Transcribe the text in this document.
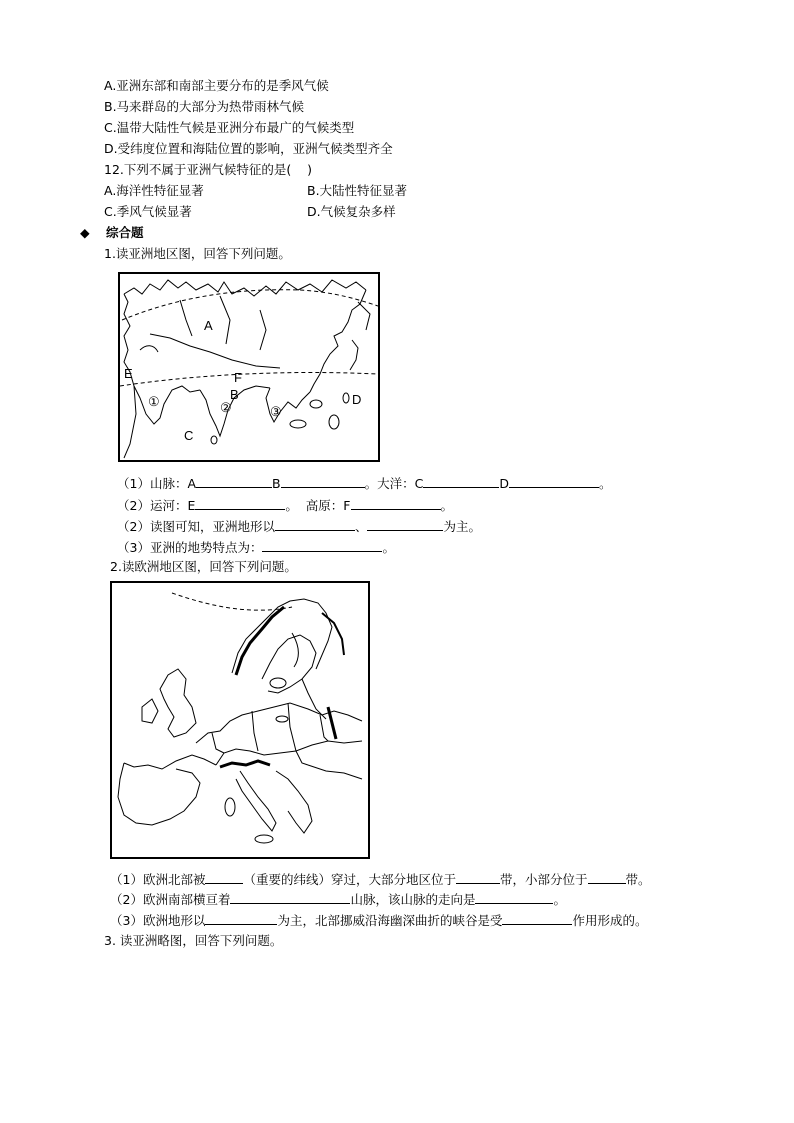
A.亚洲东部和南部主要分布的是季风气候
B.马来群岛的大部分为热带雨林气候
C.温带大陆性气候是亚洲分布最广的气候类型
D.受纬度位置和海陆位置的影响，亚洲气候类型齐全
12.下列不属于亚洲气候特征的是(    )
A.海洋性特征显著	B.大陆性特征显著
C.季风气候显著	D.气候复杂多样
◆ 综合题
1.读亚洲地区图，回答下列问题。
A
B
C
D
E	F
①	②	③
（1）山脉：A	B	。大洋：C	D	。
（2）运河：E	。  高原：F	。
（2）读图可知，亚洲地形以	、	为主。
（3）亚洲的地势特点为：	。
2.读欧洲地区图，回答下列问题。
（1）欧洲北部被	（重要的纬线）穿过，大部分地区位于	带，小部分位于	带。
（2）欧洲南部横亘着	山脉，该山脉的走向是	。
（3）欧洲地形以	为主，北部挪威沿海幽深曲折的峡谷是受	作用形成的。
3. 读亚洲略图，回答下列问题。
